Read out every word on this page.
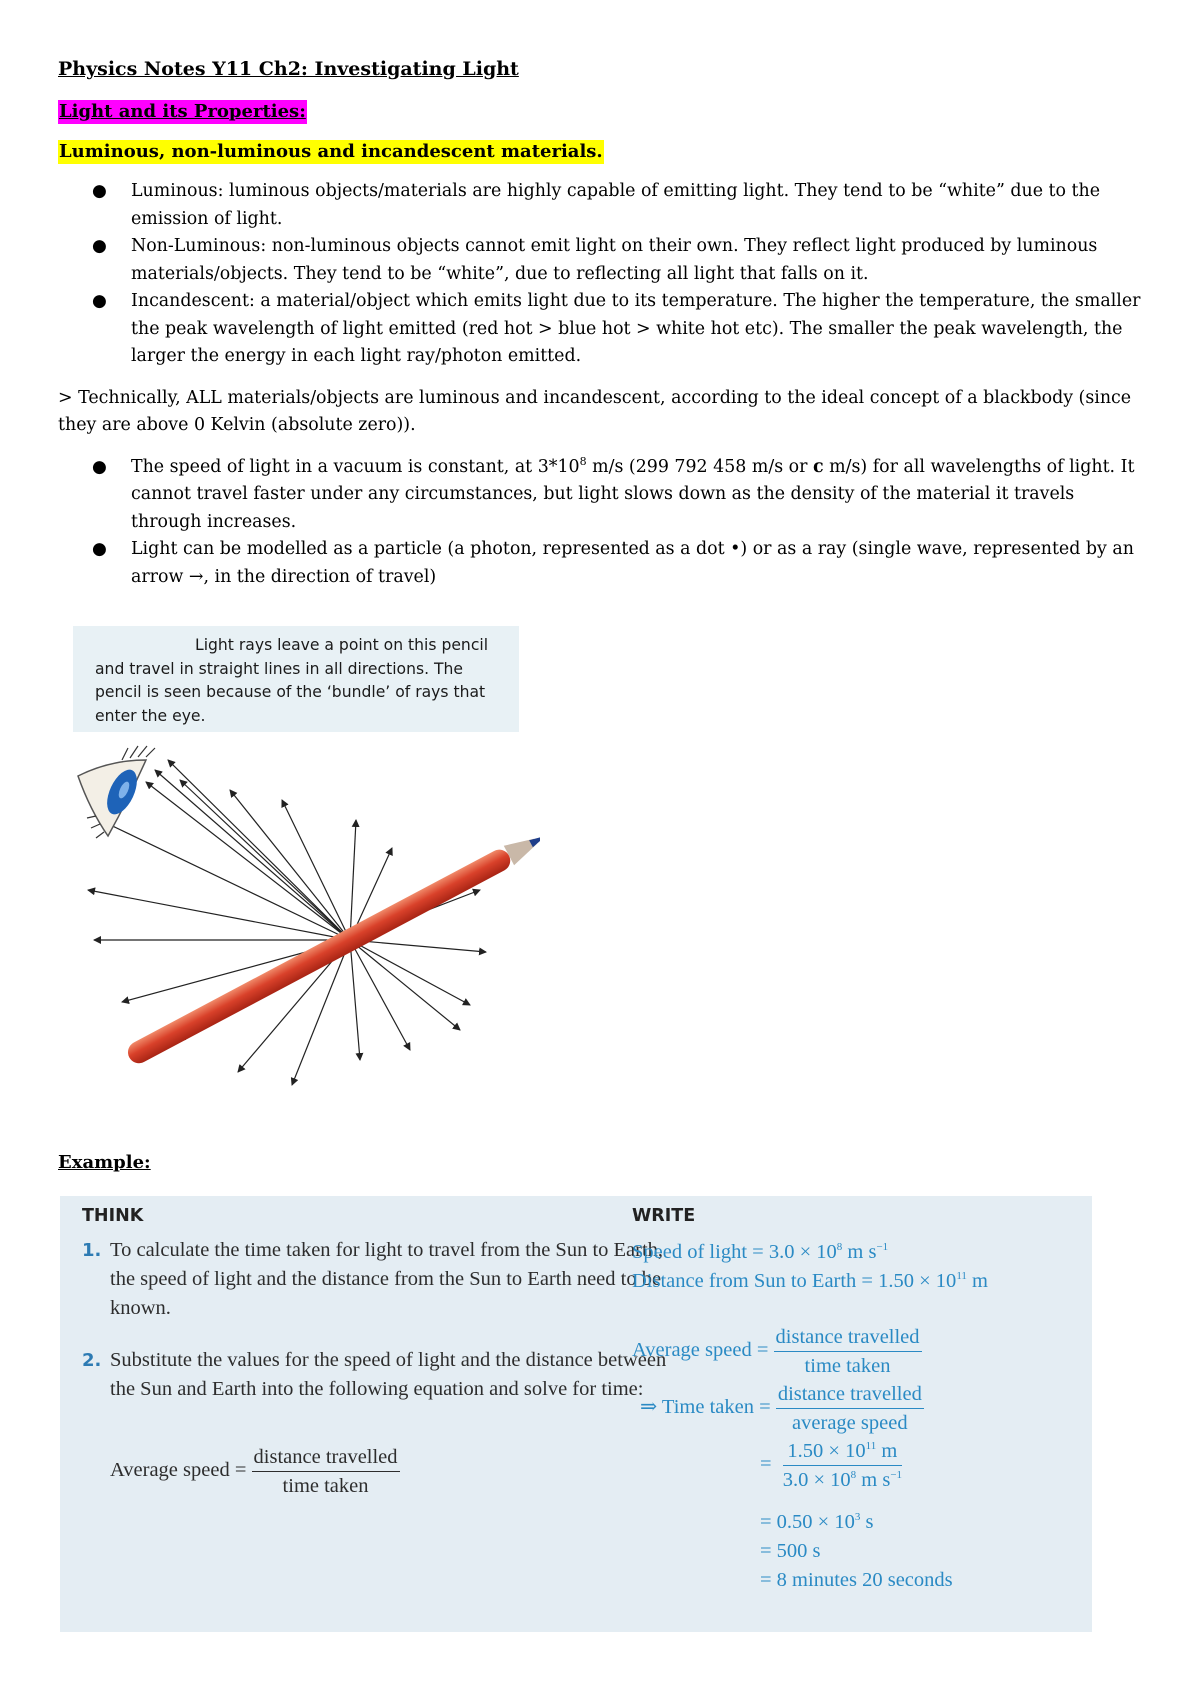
Physics Notes Y11 Ch2: Investigating Light
Light and its Properties:
Luminous, non-luminous and incandescent materials.
● Luminous: luminous objects/materials are highly capable of emitting light. They tend to be “white” due to the emission of light.
● Non-Luminous: non-luminous objects cannot emit light on their own. They reflect light produced by luminous materials/objects. They tend to be “white”, due to reflecting all light that falls on it.
● Incandescent: a material/object which emits light due to its temperature. The higher the temperature, the smaller the peak wavelength of light emitted (red hot > blue hot > white hot etc). The smaller the peak wavelength, the larger the energy in each light ray/photon emitted.

> Technically, ALL materials/objects are luminous and incandescent, according to the ideal concept of a blackbody (since they are above 0 Kelvin (absolute zero)).

● The speed of light in a vacuum is constant, at $3*10^8$ m/s (299 792 458 m/s or c m/s) for all wavelengths of light. It cannot travel faster under any circumstances, but light slows down as the density of the material it travels through increases.
● Light can be modelled as a particle (a photon, represented as a dot •) or as a ray (single wave, represented by an arrow →, in the direction of travel)
Light rays leave a point on this pencil
and travel in straight lines in all directions. The pencil is seen because of the ‘bundle’ of rays that enter the eye.
Example:
THINK	WRITE
1. To calculate the time taken for light to travel from the Sun to Earth, the speed of light and the distance from the Sun to Earth need to be known.
2. Substitute the values for the speed of light and the distance between the Sun and Earth into the following equation and solve for time:
Average speed = $\frac{\text{distance travelled}}{\text{time taken}}$
Speed of light = $3.0 \times 10^8$ m $s^{-1}$
Distance from Sun to Earth = $1.50 \times 10^{11}$ m
Average speed = $\frac{\text{distance travelled}}{\text{time taken}}$
⇒ Time taken = $\frac{\text{distance travelled}}{\text{average speed}}$
= $\frac{1.50 \times 10^{11} m}{3.0 \times 10^8 m s^{-1}}$
= $0.50 \times 10^3$ s
= 500 s
= 8 minutes 20 seconds
